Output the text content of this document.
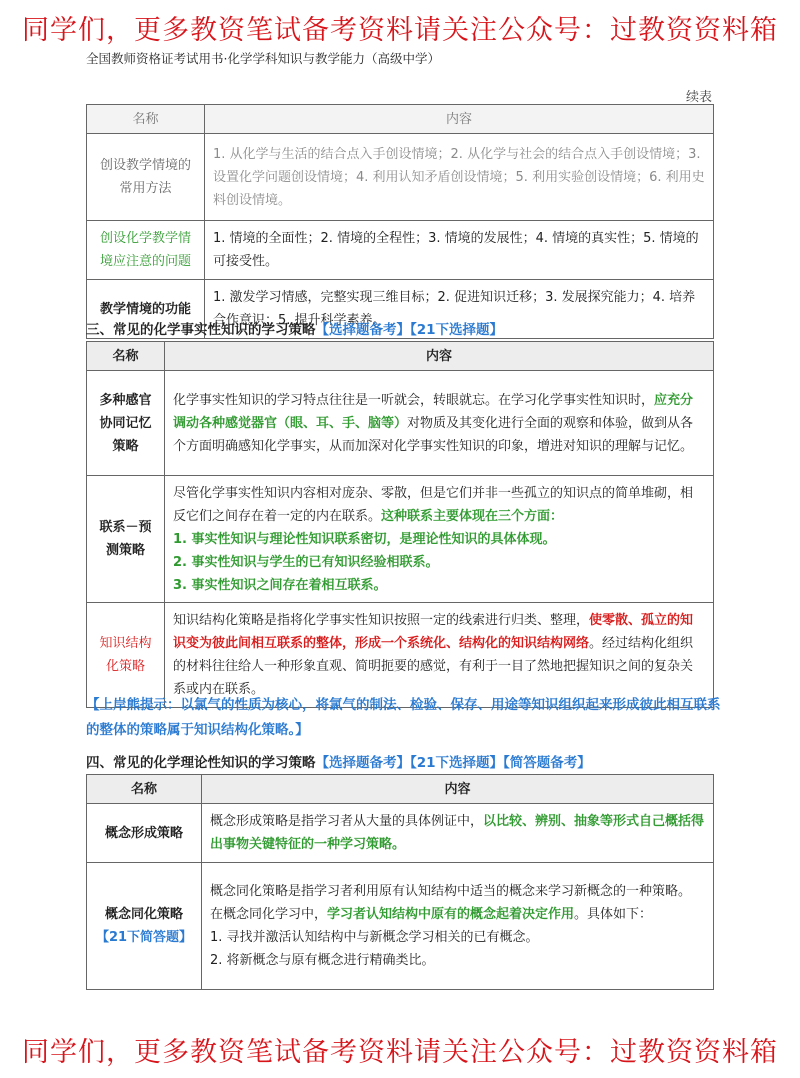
同学们，更多教资笔试备考资料请关注公众号：过教资资料箱
全国教师资格证考试用书·化学学科知识与教学能力（高级中学）
续表
名称	内容
创设教学情境的常用方法	1. 从化学与生活的结合点入手创设情境；2. 从化学与社会的结合点入手创设情境；3. 设置化学问题创设情境；4. 利用认知矛盾创设情境；5. 利用实验创设情境；6. 利用史料创设情境。
创设化学教学情境应注意的问题	1. 情境的全面性；2. 情境的全程性；3. 情境的发展性；4. 情境的真实性；5. 情境的可接受性。
教学情境的功能	1. 激发学习情感，完整实现三维目标；2. 促进知识迁移；3. 发展探究能力；4. 培养合作意识；5. 提升科学素养。
三、常见的化学事实性知识的学习策略【选择题备考】【21下选择题】
名称	内容
多种感官协同记忆策略	化学事实性知识的学习特点往往是一听就会，转眼就忘。在学习化学事实性知识时，应充分调动各种感觉器官（眼、耳、手、脑等）对物质及其变化进行全面的观察和体验，做到从各个方面明确感知化学事实，从而加深对化学事实性知识的印象，增进对知识的理解与记忆。
联系－预测策略	尽管化学事实性知识内容相对庞杂、零散，但是它们并非一些孤立的知识点的简单堆砌，相反它们之间存在着一定的内在联系。这种联系主要体现在三个方面：
1. 事实性知识与理论性知识联系密切，是理论性知识的具体体现。
2. 事实性知识与学生的已有知识经验相联系。
3. 事实性知识之间存在着相互联系。

知识结构化策略	知识结构化策略是指将化学事实性知识按照一定的线索进行归类、整理，使零散、孤立的知识变为彼此间相互联系的整体，形成一个系统化、结构化的知识结构网络。经过结构化组织的材料往往给人一种形象直观、简明扼要的感觉，有利于一目了然地把握知识之间的复杂关系或内在联系。
【上岸熊提示：以氯气的性质为核心，将氯气的制法、检验、保存、用途等知识组织起来形成彼此相互联系的整体的策略属于知识结构化策略。】
四、常见的化学理论性知识的学习策略【选择题备考】【21下选择题】【简答题备考】
名称	内容
概念形成策略	概念形成策略是指学习者从大量的具体例证中，以比较、辨别、抽象等形式自己概括得出事物关键特征的一种学习策略。

概念同化策略
【21下简答题】	概念同化策略是指学习者利用原有认知结构中适当的概念来学习新概念的一种策略。
在概念同化学习中，学习者认知结构中原有的概念起着决定作用。具体如下：
1. 寻找并激活认知结构中与新概念学习相关的已有概念。
2. 将新概念与原有概念进行精确类比。
同学们，更多教资笔试备考资料请关注公众号：过教资资料箱
